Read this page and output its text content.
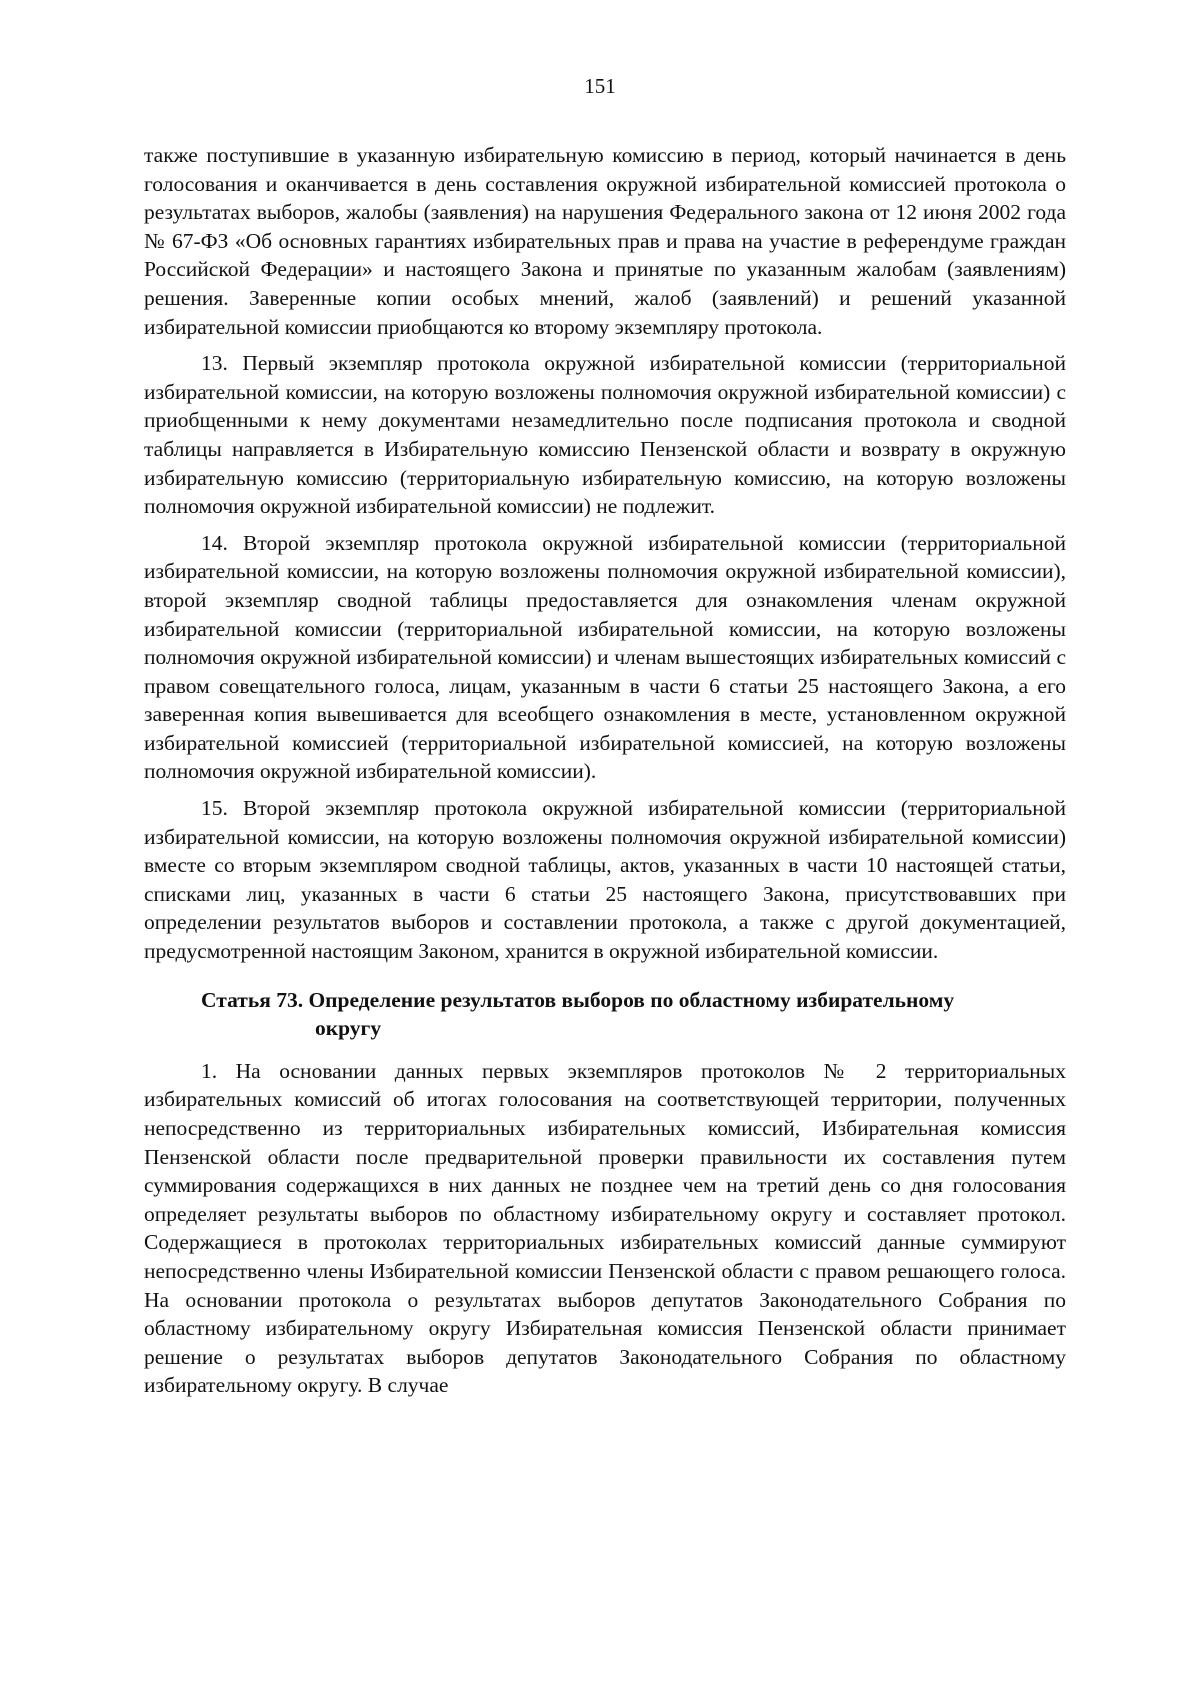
151

также поступившие в указанную избирательную комиссию в период, который начинается в день голосования и оканчивается в день составления окружной избирательной комиссией протокола о результатах выборов, жалобы (заявления) на нарушения Федерального закона от 12 июня 2002 года № 67-ФЗ «Об основных гарантиях избирательных прав и права на участие в референдуме граждан Российской Федерации» и настоящего Закона и принятые по указанным жалобам (заявлениям) решения. Заверенные копии особых мнений, жалоб (заявлений) и решений указанной избирательной комиссии приобщаются ко второму экземпляру протокола.

13. Первый экземпляр протокола окружной избирательной комиссии (территориальной избирательной комиссии, на которую возложены полномочия окружной избирательной комиссии) с приобщенными к нему документами незамедлительно после подписания протокола и сводной таблицы направляется в Избирательную комиссию Пензенской области и возврату в окружную избирательную комиссию (территориальную избирательную комиссию, на которую возложены полномочия окружной избирательной комиссии) не подлежит.

14. Второй экземпляр протокола окружной избирательной комиссии (территориальной избирательной комиссии, на которую возложены полномочия окружной избирательной комиссии), второй экземпляр сводной таблицы предоставляется для ознакомления членам окружной избирательной комиссии (территориальной избирательной комиссии, на которую возложены полномочия окружной избирательной комиссии) и членам вышестоящих избирательных комиссий с правом совещательного голоса, лицам, указанным в части 6 статьи 25 настоящего Закона, а его заверенная копия вывешивается для всеобщего ознакомления в месте, установленном окружной избирательной комиссией (территориальной избирательной комиссией, на которую возложены полномочия окружной избирательной комиссии).

15. Второй экземпляр протокола окружной избирательной комиссии (территориальной избирательной комиссии, на которую возложены полномочия окружной избирательной комиссии) вместе со вторым экземпляром сводной таблицы, актов, указанных в части 10 настоящей статьи, списками лиц, указанных в части 6 статьи 25 настоящего Закона, присутствовавших при определении результатов выборов и составлении протокола, а также с другой документацией, предусмотренной настоящим Законом, хранится в окружной избирательной комиссии.

Статья 73. Определение результатов выборов по областному избирательному
округу

1. На основании данных первых экземпляров протоколов № 2 территориальных избирательных комиссий об итогах голосования на соответствующей территории, полученных непосредственно из территориальных избирательных комиссий, Избирательная комиссия Пензенской области после предварительной проверки правильности их составления путем суммирования содержащихся в них данных не позднее чем на третий день со дня голосования определяет результаты выборов по областному избирательному округу и составляет протокол. Содержащиеся в протоколах территориальных избирательных комиссий данные суммируют непосредственно члены Избирательной комиссии Пензенской области с правом решающего голоса. На основании протокола о результатах выборов депутатов Законодательного Собрания по областному избирательному округу Избирательная комиссия Пензенской области принимает решение о результатах выборов депутатов Законодательного Собрания по областному избирательному округу. В случае
